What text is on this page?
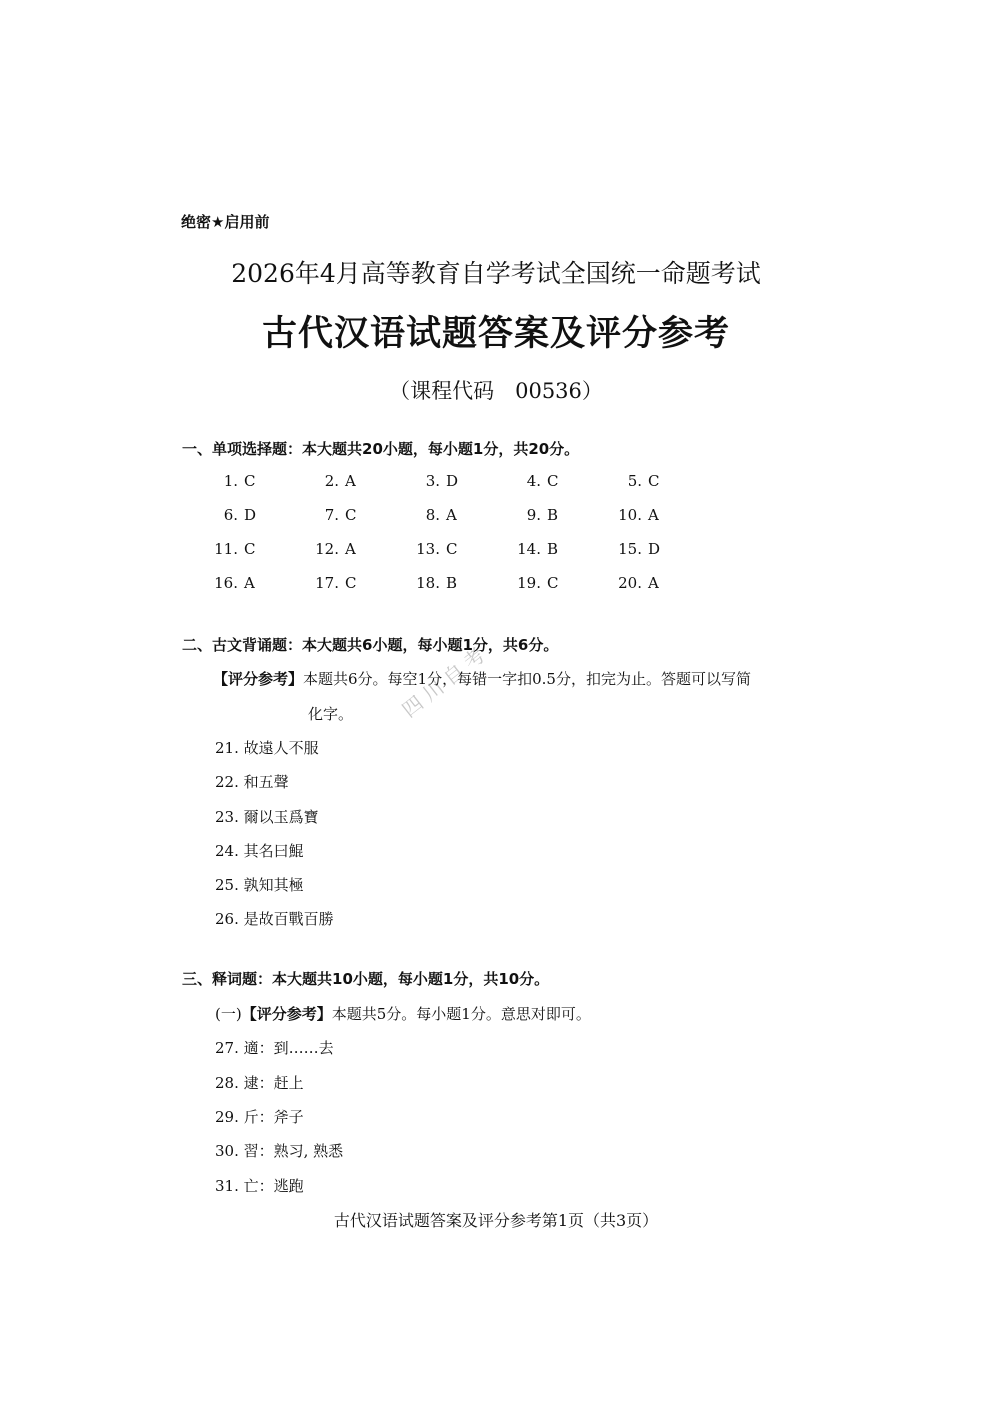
绝密★启用前
2026年4月高等教育自学考试全国统一命题考试
古代汉语试题答案及评分参考
（课程代码　00536）
四川自考
一、单项选择题：本大题共20小题，每小题1分，共20分。
1. C	2. A	3. D	4. C	5. C
6. D	7. C	8. A	9. B	10. A
11. C	12. A	13. C	14. B	15. D
16. A	17. C	18. B	19. C	20. A
二、古文背诵题：本大题共6小题，每小题1分，共6分。
【评分参考】本题共6分。每空1分，每错一字扣0.5分，扣完为止。答题可以写简
化字。
21. 故遠人不服
22. 和五聲
23. 爾以玉爲寶
24. 其名曰鯤
25. 孰知其極
26. 是故百戰百勝
三、释词题：本大题共10小题，每小题1分，共10分。
(一)【评分参考】本题共5分。每小题1分。意思对即可。
27. 適：到……去
28. 逮：赶上
29. 斤：斧子
30. 習：熟习, 熟悉
31. 亡：逃跑
古代汉语试题答案及评分参考第1页（共3页）
